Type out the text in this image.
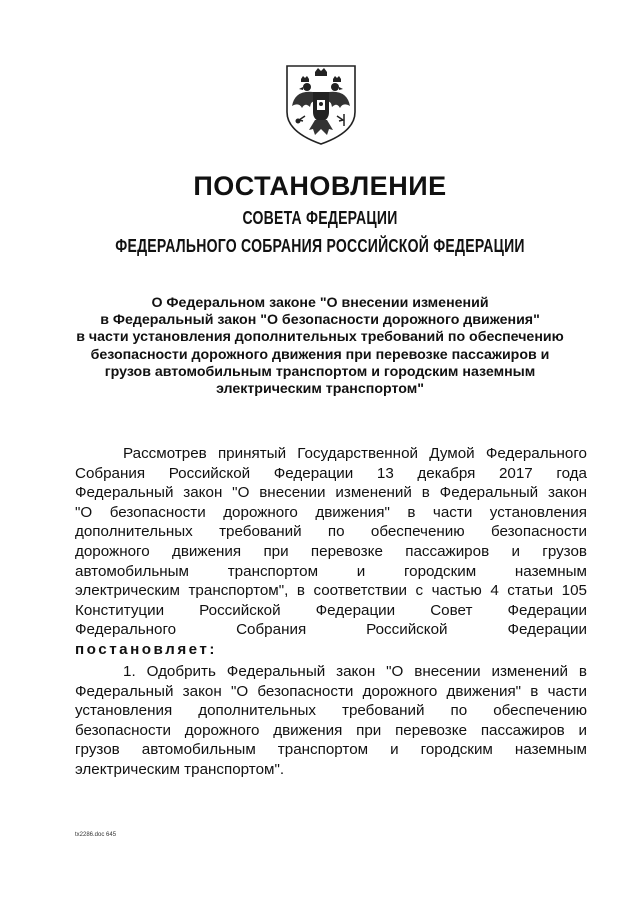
ПОСТАНОВЛЕНИЕ
СОВЕТА ФЕДЕРАЦИИ
ФЕДЕРАЛЬНОГО СОБРАНИЯ РОССИЙСКОЙ ФЕДЕРАЦИИ
О Федеральном законе "О внесении изменений
в Федеральный закон "О безопасности дорожного движения"
в части установления дополнительных требований по обеспечению
безопасности дорожного движения при перевозке пассажиров и
грузов автомобильным транспортом и городским наземным
электрическим транспортом"
Рассмотрев принятый Государственной Думой Федерального
Собрания Российской Федерации 13 декабря 2017 года
Федеральный закон "О внесении изменений в Федеральный закон
"О безопасности дорожного движения" в части установления
дополнительных требований по обеспечению безопасности
дорожного движения при перевозке пассажиров и грузов
автомобильным транспортом и городским наземным
электрическим транспортом", в соответствии с частью 4 статьи 105
Конституции Российской Федерации Совет Федерации
Федерального Собрания Российской Федерации
постановляет:
1. Одобрить Федеральный закон "О внесении изменений в
Федеральный закон "О безопасности дорожного движения" в части
установления дополнительных требований по обеспечению
безопасности дорожного движения при перевозке пассажиров и
грузов автомобильным транспортом и городским наземным
электрическим транспортом".
tx2286.doc 645
